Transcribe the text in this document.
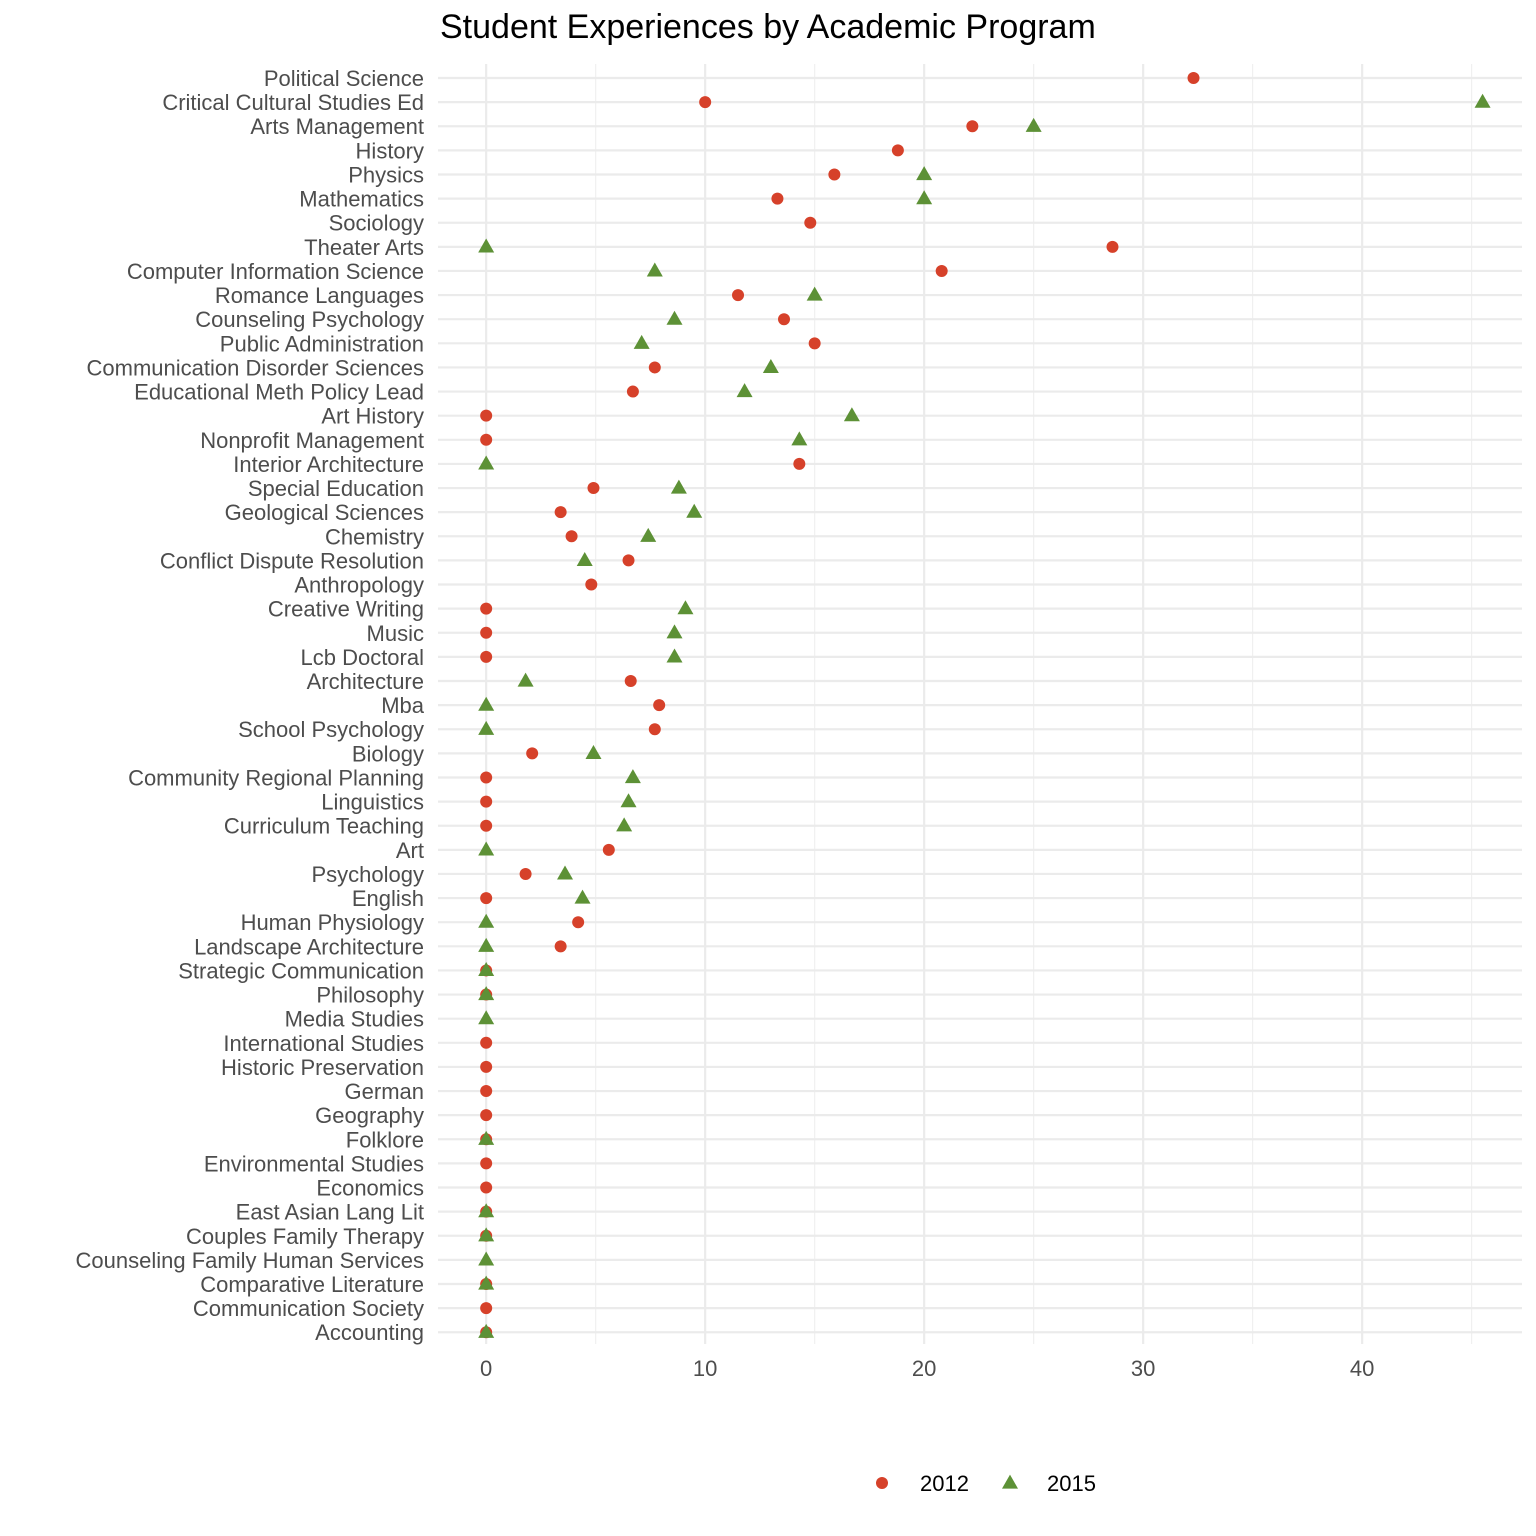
Student Experiences by Academic Program
Political Science
Critical Cultural Studies Ed
Arts Management
History
Physics
Mathematics
Sociology
Theater Arts
Computer Information Science
Romance Languages
Counseling Psychology
Public Administration
Communication Disorder Sciences
Educational Meth Policy Lead
Art History
Nonprofit Management
Interior Architecture
Special Education
Geological Sciences
Chemistry
Conflict Dispute Resolution
Anthropology
Creative Writing
Music
Lcb Doctoral
Architecture
Mba
School Psychology
Biology
Community Regional Planning
Linguistics
Curriculum Teaching
Art
Psychology
English
Human Physiology
Landscape Architecture
Strategic Communication
Philosophy
Media Studies
International Studies
Historic Preservation
German
Geography
Folklore
Environmental Studies
Economics
East Asian Lang Lit
Couples Family Therapy
Counseling Family Human Services
Comparative Literature
Communication Society
Accounting
0	10	20	30	40
2012	2015
